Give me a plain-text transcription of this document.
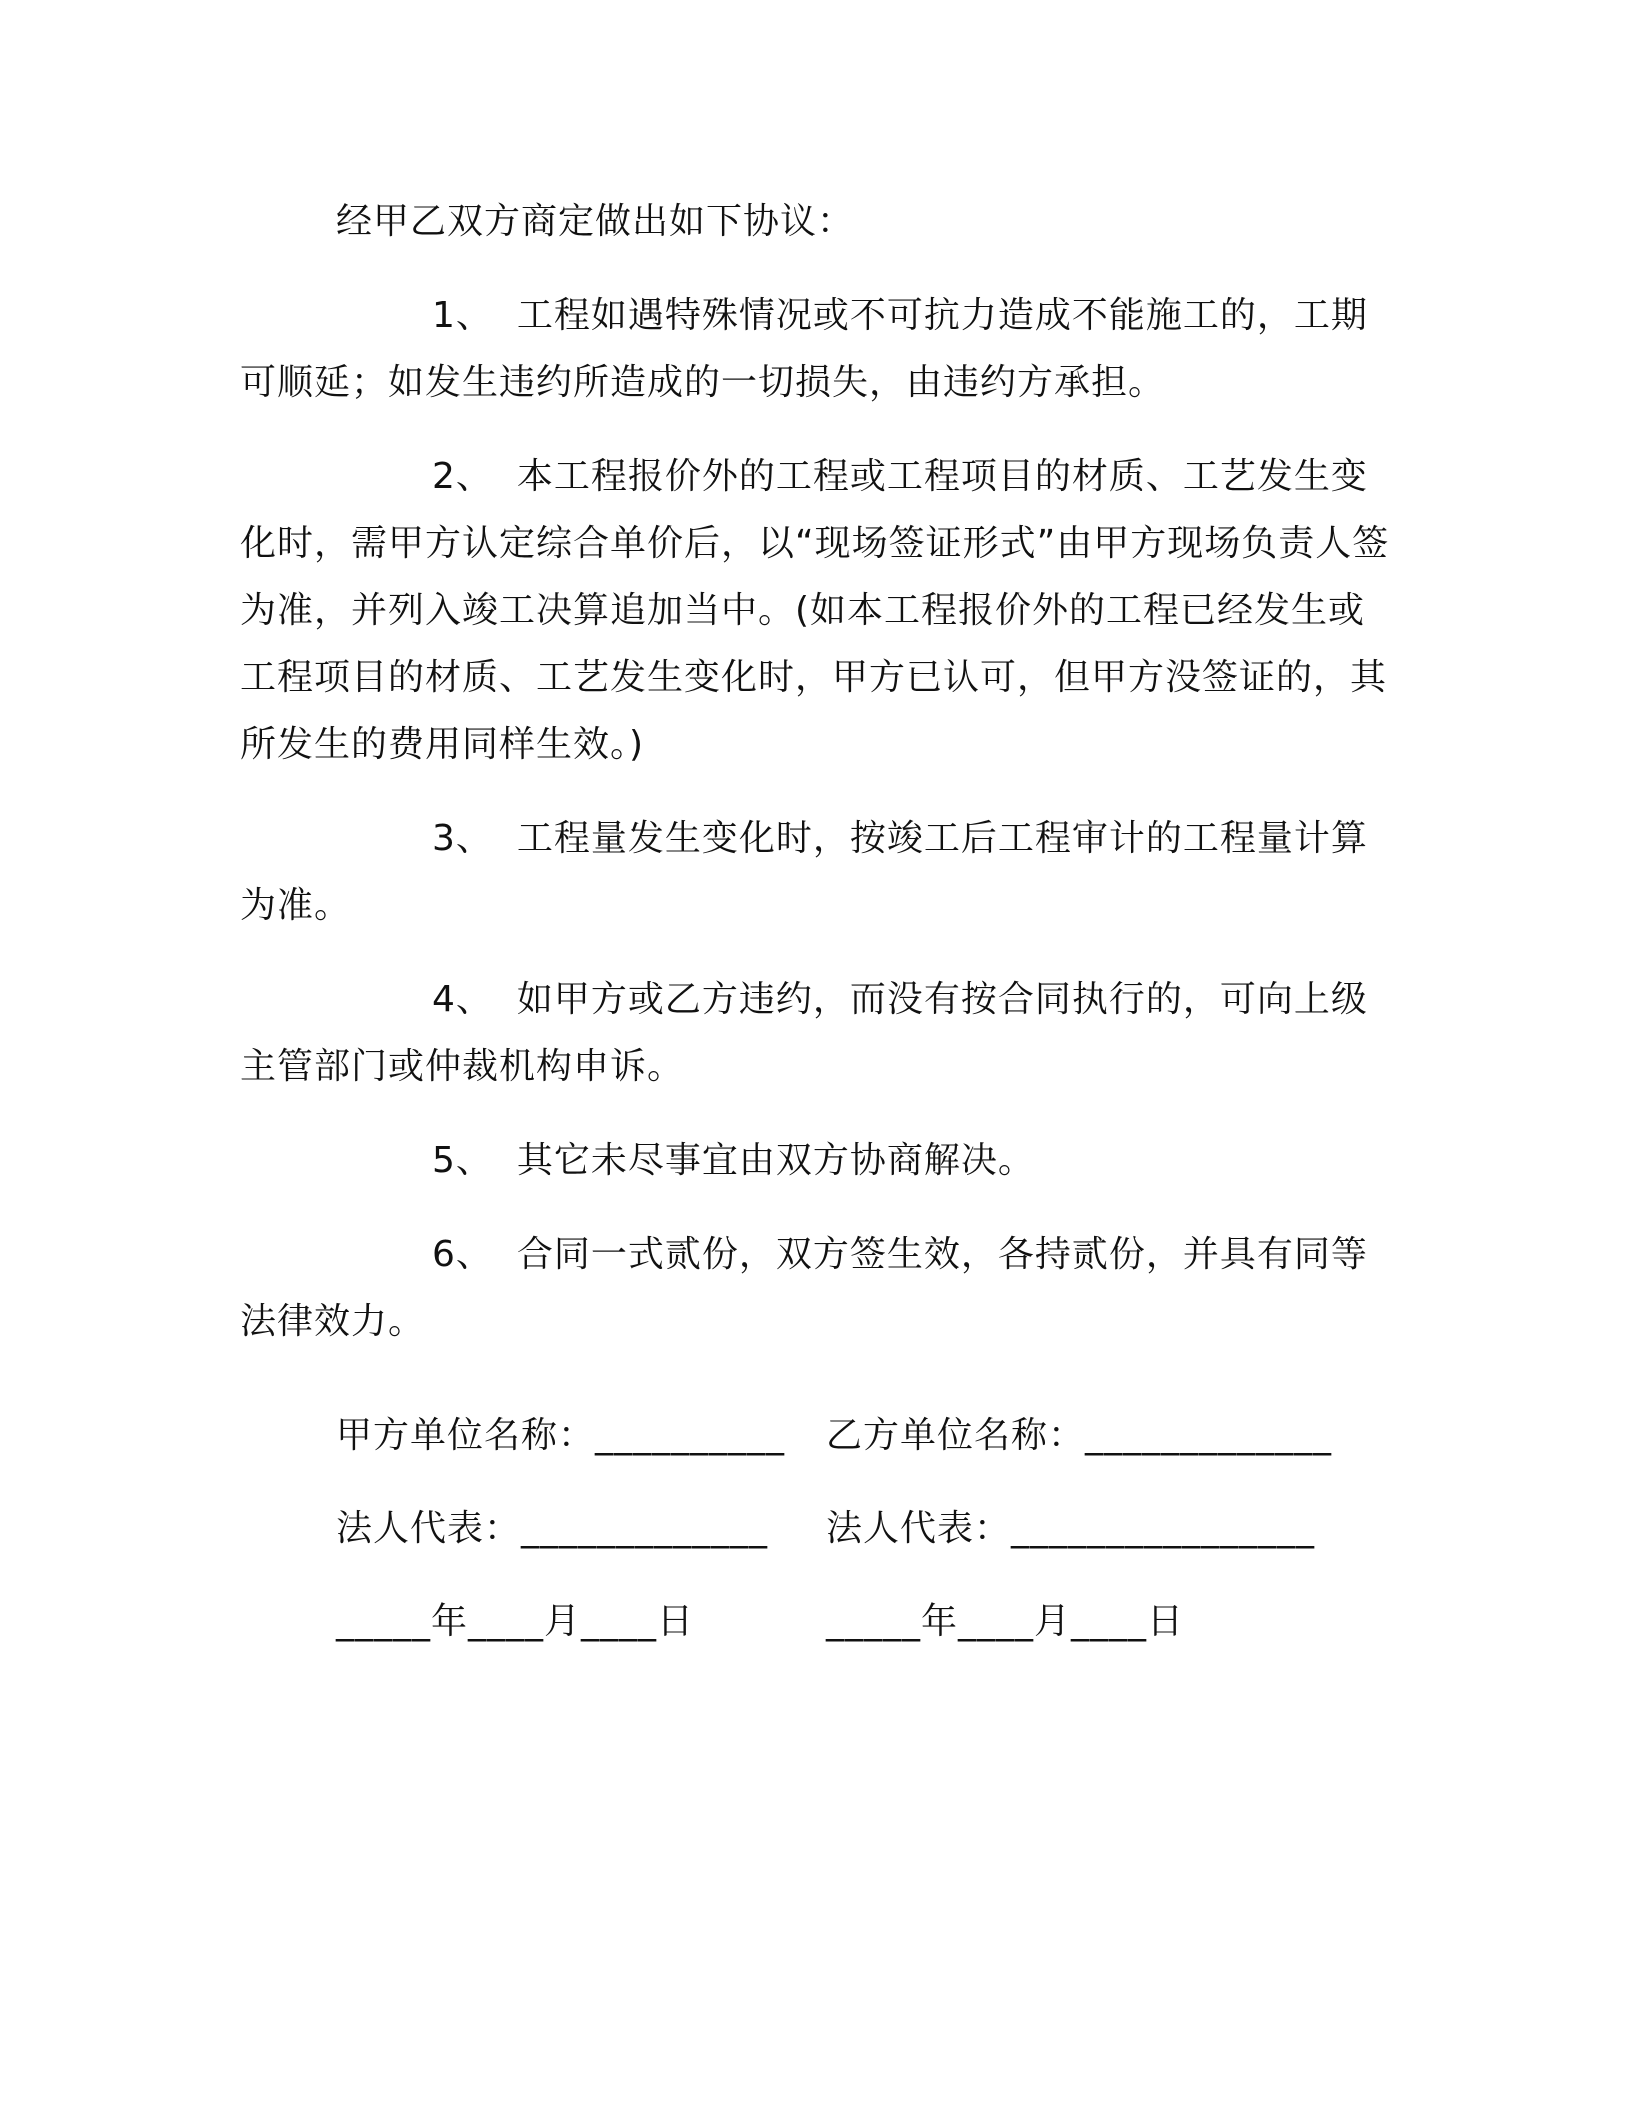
经甲乙双方商定做出如下协议：

1、 工程如遇特殊情况或不可抗力造成不能施工的，工期可顺延；如发生违约所造成的一切损失，由违约方承担。

2、 本工程报价外的工程或工程项目的材质、工艺发生变化时，需甲方认定综合单价后，以“现场签证形式”由甲方现场负责人签为准，并列入竣工决算追加当中。(如本工程报价外的工程已经发生或工程项目的材质、工艺发生变化时，甲方已认可，但甲方没签证的，其所发生的费用同样生效。)

3、 工程量发生变化时，按竣工后工程审计的工程量计算为准。

4、 如甲方或乙方违约，而没有按合同执行的，可向上级主管部门或仲裁机构申诉。

5、 其它未尽事宜由双方协商解决。

6、 合同一式贰份，双方签生效，各持贰份，并具有同等法律效力。

甲方单位名称：__________	乙方单位名称：_____________
法人代表：_____________	法人代表：________________
_____年____月____日	_____年____月____日
